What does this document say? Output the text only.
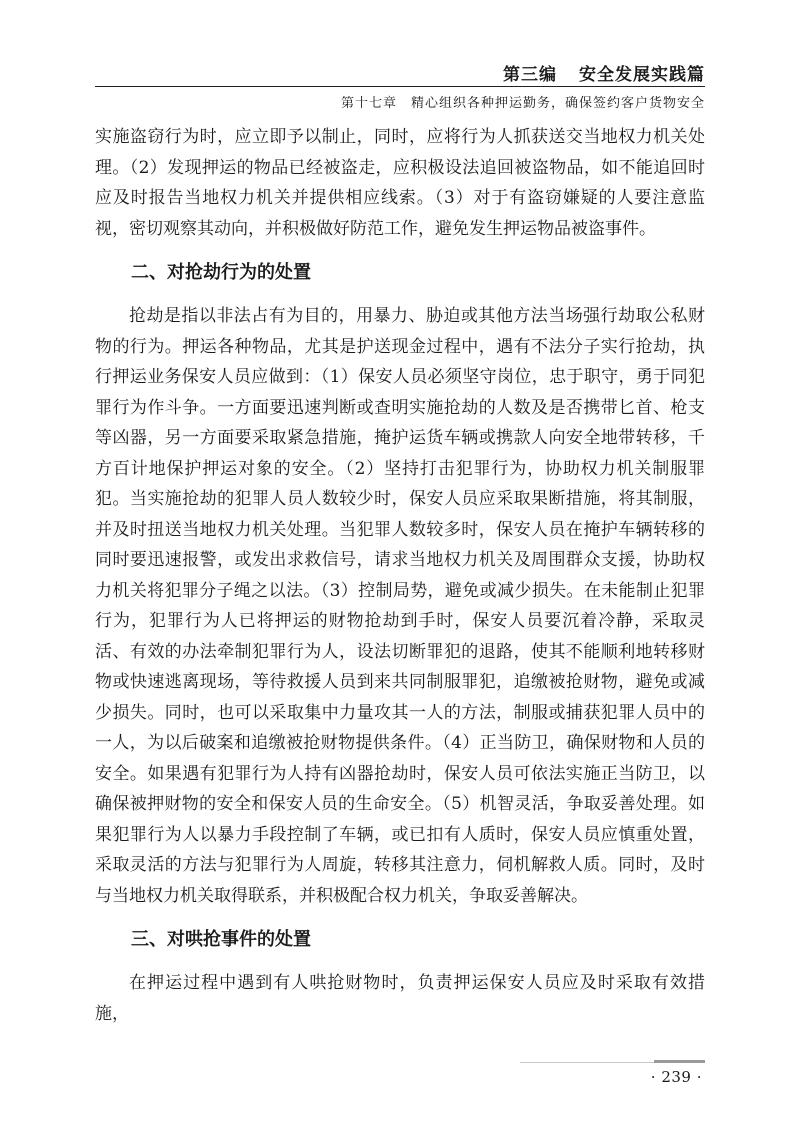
第三编 安全发展实践篇
第十七章　精心组织各种押运勤务，确保签约客户货物安全

实施盗窃行为时，应立即予以制止，同时，应将行为人抓获送交当地权力机关处理。（2）发现押运的物品已经被盗走，应积极设法追回被盗物品，如不能追回时应及时报告当地权力机关并提供相应线索。（3）对于有盗窃嫌疑的人要注意监视，密切观察其动向，并积极做好防范工作，避免发生押运物品被盗事件。

二、对抢劫行为的处置

抢劫是指以非法占有为目的，用暴力、胁迫或其他方法当场强行劫取公私财物的行为。押运各种物品，尤其是护送现金过程中，遇有不法分子实行抢劫，执行押运业务保安人员应做到：（1）保安人员必须坚守岗位，忠于职守，勇于同犯罪行为作斗争。一方面要迅速判断或查明实施抢劫的人数及是否携带匕首、枪支等凶器，另一方面要采取紧急措施，掩护运货车辆或携款人向安全地带转移，千方百计地保护押运对象的安全。（2）坚持打击犯罪行为，协助权力机关制服罪犯。当实施抢劫的犯罪人员人数较少时，保安人员应采取果断措施，将其制服，并及时扭送当地权力机关处理。当犯罪人数较多时，保安人员在掩护车辆转移的同时要迅速报警，或发出求救信号，请求当地权力机关及周围群众支援，协助权力机关将犯罪分子绳之以法。（3）控制局势，避免或减少损失。在未能制止犯罪行为，犯罪行为人已将押运的财物抢劫到手时，保安人员要沉着冷静，采取灵活、有效的办法牵制犯罪行为人，设法切断罪犯的退路，使其不能顺利地转移财物或快速逃离现场，等待救援人员到来共同制服罪犯，追缴被抢财物，避免或减少损失。同时，也可以采取集中力量攻其一人的方法，制服或捕获犯罪人员中的一人，为以后破案和追缴被抢财物提供条件。（4）正当防卫，确保财物和人员的安全。如果遇有犯罪行为人持有凶器抢劫时，保安人员可依法实施正当防卫，以确保被押财物的安全和保安人员的生命安全。（5）机智灵活，争取妥善处理。如果犯罪行为人以暴力手段控制了车辆，或已扣有人质时，保安人员应慎重处置，采取灵活的方法与犯罪行为人周旋，转移其注意力，伺机解救人质。同时，及时与当地权力机关取得联系，并积极配合权力机关，争取妥善解决。

三、对哄抢事件的处置

在押运过程中遇到有人哄抢财物时，负责押运保安人员应及时采取有效措施，

· 239 ·
